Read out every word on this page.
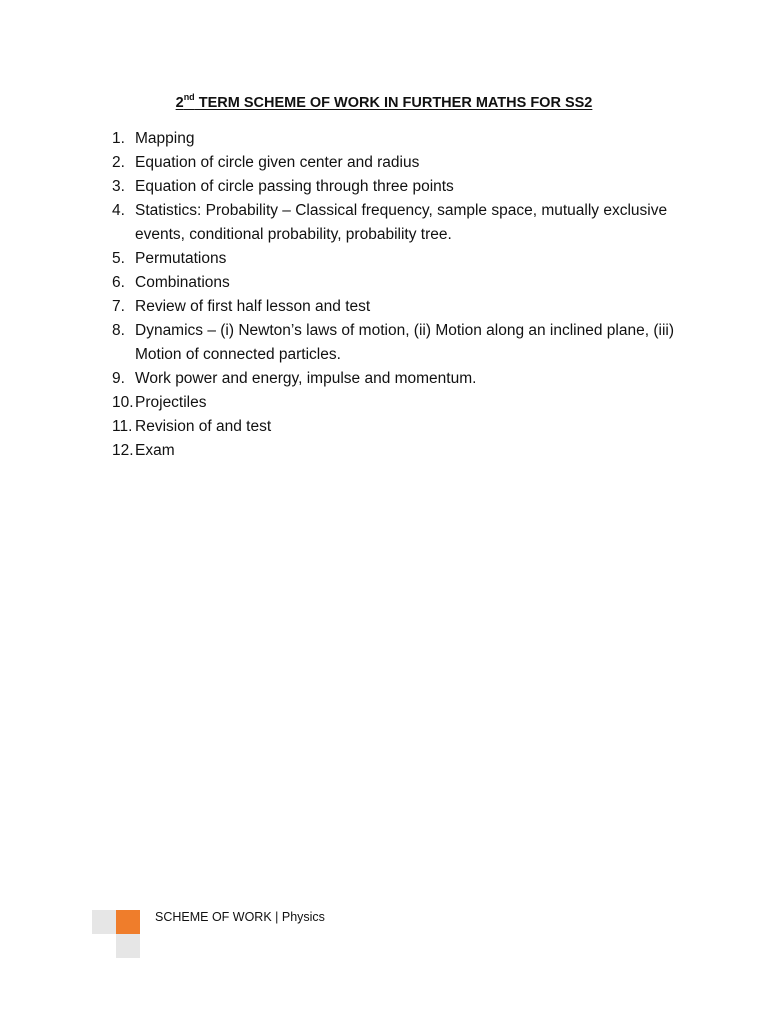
2nd TERM SCHEME OF WORK IN FURTHER MATHS FOR SS2
1. Mapping
2. Equation of circle given center and radius
3. Equation of circle passing through three points
4. Statistics: Probability – Classical frequency, sample space, mutually exclusive events, conditional probability, probability tree.
5. Permutations
6. Combinations
7. Review of first half lesson and test
8. Dynamics – (i) Newton’s laws of motion, (ii) Motion along an inclined plane, (iii) Motion of connected particles.
9. Work power and energy, impulse and momentum.
10. Projectiles
11. Revision of and test
12. Exam
SCHEME OF WORK | Physics
